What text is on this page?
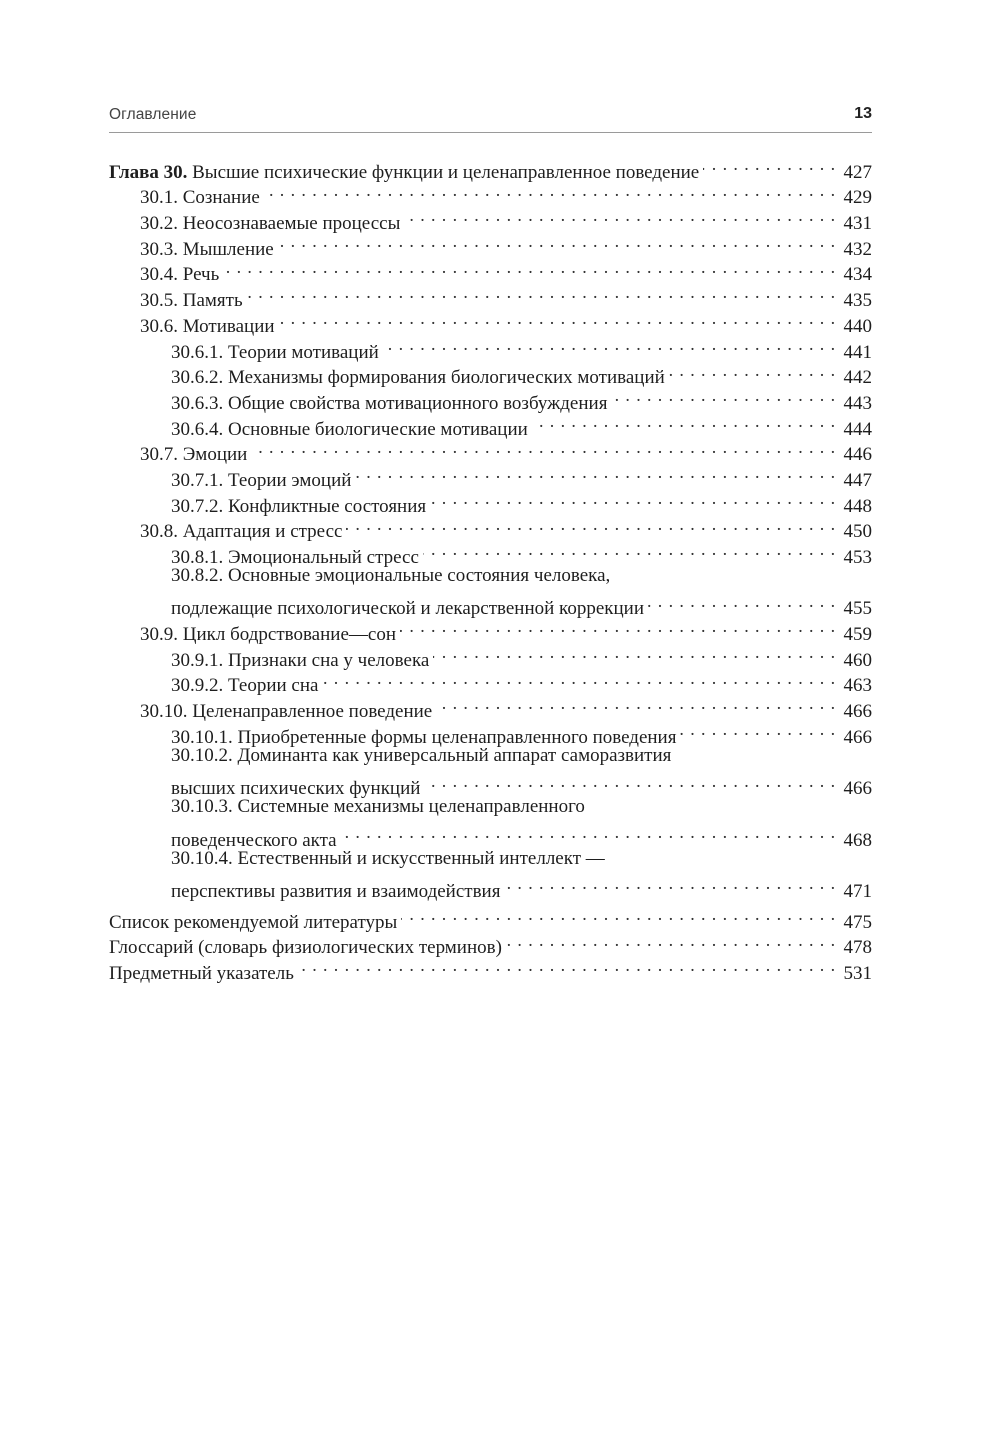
Оглавление	13
Глава 30. Высшие психические функции и целенаправленное поведение . . .	427
30.1. Сознание . . .	429
30.2. Неосознаваемые процессы . . .	431
30.3. Мышление . . .	432
30.4. Речь . . .	434
30.5. Память . . .	435
30.6. Мотивации . . .	440
30.6.1. Теории мотиваций . . .	441
30.6.2. Механизмы формирования биологических мотиваций . . .	442
30.6.3. Общие свойства мотивационного возбуждения . . .	443
30.6.4. Основные биологические мотивации . . .	444
30.7. Эмоции . . .	446
30.7.1. Теории эмоций . . .	447
30.7.2. Конфликтные состояния . . .	448
30.8. Адаптация и стресс . . .	450
30.8.1. Эмоциональный стресс . . .	453
30.8.2. Основные эмоциональные состояния человека,
подлежащие психологической и лекарственной коррекции . . .	455
30.9. Цикл бодрствование—сон . . .	459
30.9.1. Признаки сна у человека . . .	460
30.9.2. Теории сна . . .	463
30.10. Целенаправленное поведение . . .	466
30.10.1. Приобретенные формы целенаправленного поведения . . .	466
30.10.2. Доминанта как универсальный аппарат саморазвития
высших психических функций . . .	466
30.10.3. Системные механизмы целенаправленного
поведенческого акта . . .	468
30.10.4. Естественный и искусственный интеллект —
перспективы развития и взаимодействия . . .	471
Список рекомендуемой литературы . . .	475
Глоссарий (словарь физиологических терминов) . . .	478
Предметный указатель . . .	531
